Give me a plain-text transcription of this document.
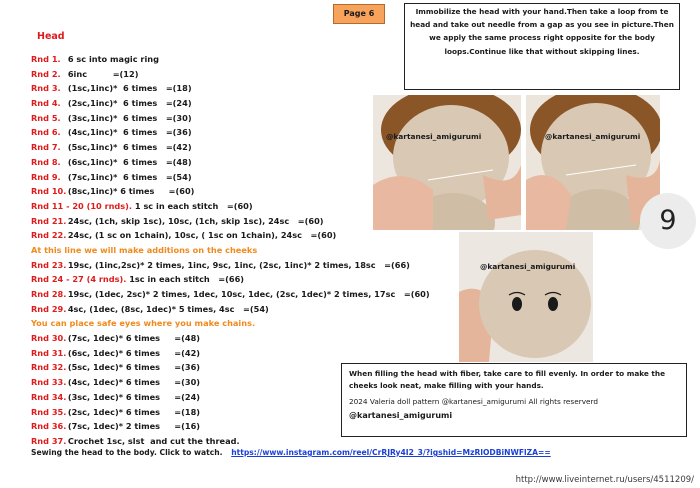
Page 6
Head
Rnd 1. 6 sc into magic ring
Rnd 2. 6inc         =(12)
Rnd 3. (1sc,1inc)*  6 times   =(18)
Rnd 4. (2sc,1inc)*  6 times   =(24)
Rnd 5. (3sc,1inc)*  6 times   =(30)
Rnd 6. (4sc,1inc)*  6 times   =(36)
Rnd 7. (5sc,1inc)*  6 times   =(42)
Rnd 8. (6sc,1inc)*  6 times   =(48)
Rnd 9. (7sc,1inc)*  6 times   =(54)
Rnd 10. (8sc,1inc)* 6 times     =(60)
Rnd 11 - 20 (10 rnds). 1 sc in each stitch   =(60)
Rnd 21. 24sc, (1ch, skip 1sc), 10sc, (1ch, skip 1sc), 24sc   =(60)
Rnd 22. 24sc, (1 sc on 1chain), 10sc, ( 1sc on 1chain), 24sc   =(60)
At this line we will make additions on the cheeks
Rnd 23. 19sc, (1inc,2sc)* 2 times, 1inc, 9sc, 1inc, (2sc, 1inc)* 2 times, 18sc   =(66)
Rnd 24 - 27 (4 rnds). 1sc in each stitch   =(66)
Rnd 28. 19sc, (1dec, 2sc)* 2 times, 1dec, 10sc, 1dec, (2sc, 1dec)* 2 times, 17sc   =(60)
Rnd 29. 4sc, (1dec, (8sc, 1dec)* 5 times, 4sc   =(54)
You can place safe eyes where you make chains.
Rnd 30. (7sc, 1dec)* 6 times     =(48)
Rnd 31. (6sc, 1dec)* 6 times     =(42)
Rnd 32. (5sc, 1dec)* 6 times     =(36)
Rnd 33. (4sc, 1dec)* 6 times     =(30)
Rnd 34. (3sc, 1dec)* 6 times     =(24)
Rnd 35. (2sc, 1dec)* 6 times     =(18)
Rnd 36. (7sc, 1dec)* 2 times     =(16)
Rnd 37. Crochet 1sc, slst  and cut the thread.
Sewing the head to the body. Click to watch. https://www.instagram.com/reel/CrRJRy4I2_3/?igshid=MzRlODBiNWFlZA==
Immobilize the head with your hand.Then take a loop from te head and take out needle from a gap as you see in picture.Then we apply the same process right opposite for the body loops.Continue like that without skipping lines.
@kartanesi_amigurumi	@kartanesi_amigurumi
@kartanesi_amigurumi
9
When filling the head with fiber, take care to fill evenly. In order to make the cheeks look neat, make filling with your hands.
2024 Valeria doll pattern @kartanesi_amigurumi All rights reserverd
@kartanesi_amigurumi
http://www.liveinternet.ru/users/4511209/
